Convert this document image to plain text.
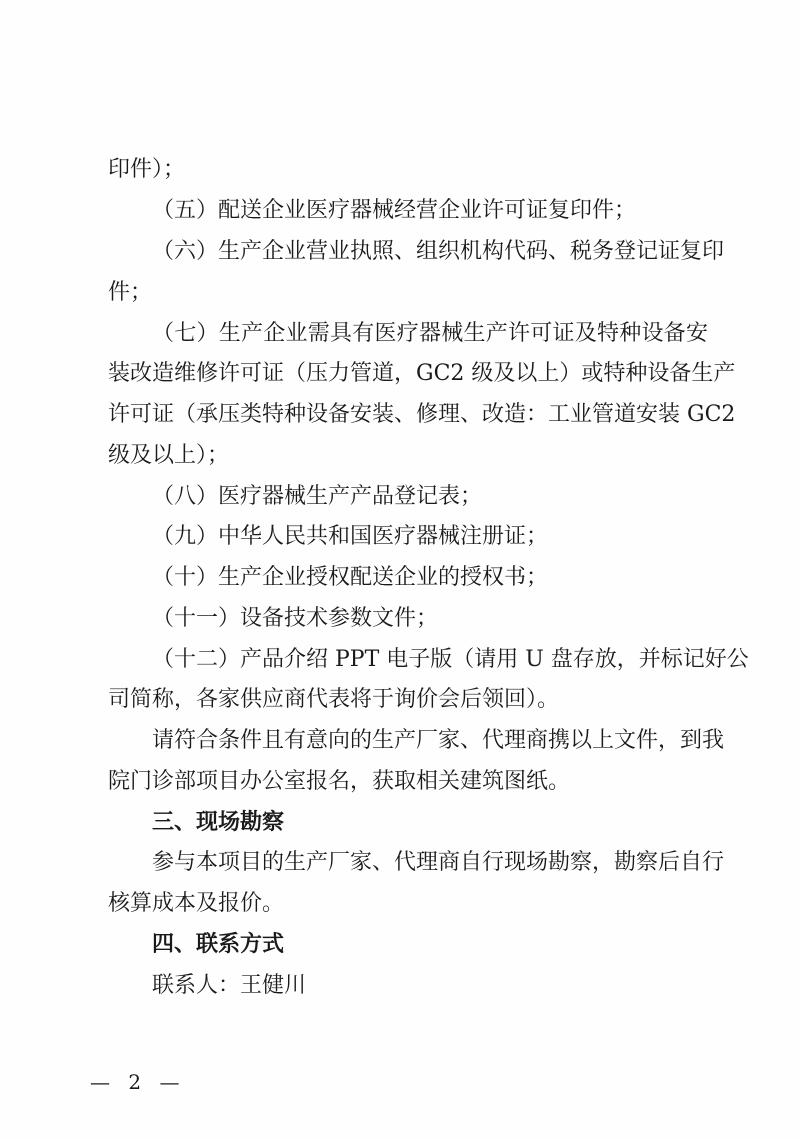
印件）；
（五）配送企业医疗器械经营企业许可证复印件；
（六）生产企业营业执照、组织机构代码、税务登记证复印
件；
（七）生产企业需具有医疗器械生产许可证及特种设备安
装改造维修许可证（压力管道，GC2 级及以上）或特种设备生产
许可证（承压类特种设备安装、修理、改造：工业管道安装 GC2
级及以上）；
（八）医疗器械生产产品登记表；
（九）中华人民共和国医疗器械注册证；
（十）生产企业授权配送企业的授权书；
（十一）设备技术参数文件；
（十二）产品介绍 PPT 电子版（请用 U 盘存放，并标记好公
司简称，各家供应商代表将于询价会后领回）。
请符合条件且有意向的生产厂家、代理商携以上文件，到我
院门诊部项目办公室报名，获取相关建筑图纸。
三、现场勘察
参与本项目的生产厂家、代理商自行现场勘察，勘察后自行
核算成本及报价。
四、联系方式
联系人：王健川
— 2 —
